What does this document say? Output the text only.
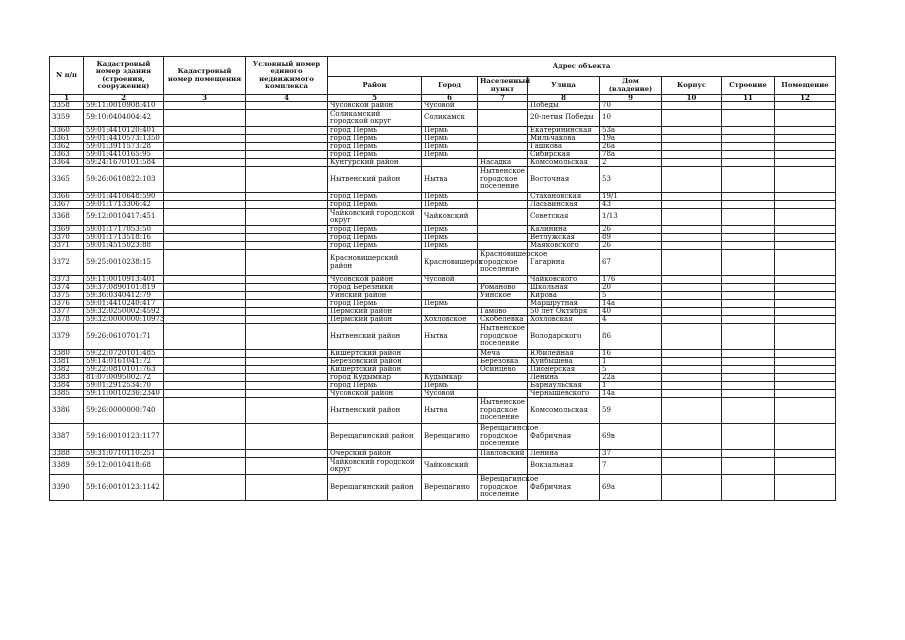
N п/п	Кадастровый номер здания (строения, сооружения)	Кадастровый номер помещения	Условный номер единого недвижимого комплекса	Адрес объекта							
				Район	Город	Населенный пункт	Улица	Дом (владение)	Корпус	Строение	Помещение
1	2	3	4	5	6	7	8	9	10	11	12
3358	59:11:0010908:410			Чусовской район	Чусовой		Победы	70			
3359	59:10:0404004:42			Соликамский городской округ	Соликамск		20-летия Победы	10			
3360	59:01:4410120:401			город Пермь	Пермь		Екатерининская	53а			
3361	59:01:4410573:1350			город Пермь	Пермь		Мильчакова	19а			
3362	59:01:3911573:28			город Пермь	Пермь		Гашкова	26а			
3363	59:01:4410165:95			город Пермь	Пермь		Сибирская	78а			
3364	59:24:1670101:584			Кунгурский район		Насадка	Комсомольская	2			
3365	59:26:0610822:103			Нытвенский район	Нытва	Нытвенское городское поселение	Восточная	53			
3366	59:01:4410648:590			город Пермь	Пермь		Стахановская	19/1			
3367	59:01:1713306:42			город Пермь	Пермь		Ласьвинская	43			
3368	59:12:0010417:451			Чайковский городской округ	Чайковский		Советская	1/13			
3369	59:01:1717053:50			город Пермь	Пермь		Калинина	26			
3370	59:01:1713518:16			город Пермь	Пермь		Ветлужская	89			
3371	59:01:4515023:88			город Пермь	Пермь		Маяковского	26			
3372	59:25:0010238:15			Красновишерский район	Красновишерск	Красновишерское городское поселение	Гагарина	67			
3373	59:11:0010913:401			Чусовской район	Чусовой		Чайковского	176			
3374	59:37:0890101:819			город Березники		Романово	Школьная	20			
3375	59:36:0340412:79			Уинский район		Уинское	Кирова	5			
3376	59:01:4410240:417			город Пермь	Пермь		Маршрутная	14а			
3377	59:32:0250002:4592			Пермский район		Гамово	50 лет Октября	40			
3378	59:32:0000000:10973			Пермский район	Хохловское	Скобелевка	Хохловская	4			
3379	59:26:0610701:71			Нытвенский район	Нытва	Нытвенское городское поселение	Володарского	86			
3380	59:22:0720101:485			Кишертский район		Меча	Юбилейная	16			
3381	59:14:0161041:72			Березовский район		Березовка	Куйбышева	1			
3382	59:22:0810101:763			Кишертский район		Осинцево	Пионерская	5			
3383	81:07:0095002:72			город Кудымкар	Кудымкар		Ленина	22а			
3384	59:01:2912534:70			город Пермь	Пермь		Барнаульская	1			
3385	59:11:0010236:2340			Чусовской район	Чусовой		Чернышевского	14а			
3386	59:26:0000000:740			Нытвенский район	Нытва	Нытвенское городское поселение	Комсомольская	59			
3387	59:16:0010123:1177			Верещагинский район	Верещагино	Верещагинское городское поселение	Фабричная	69в			
3388	59:31:0710110:251			Очерский район		Павловский	Ленина	37			
3389	59:12:0010418:68			Чайковский городской округ	Чайковский		Вокзальная	7			
3390	59:16:0010123:1142			Верещагинский район	Верещагино	Верещагинское городское поселение	Фабричная	69а			
